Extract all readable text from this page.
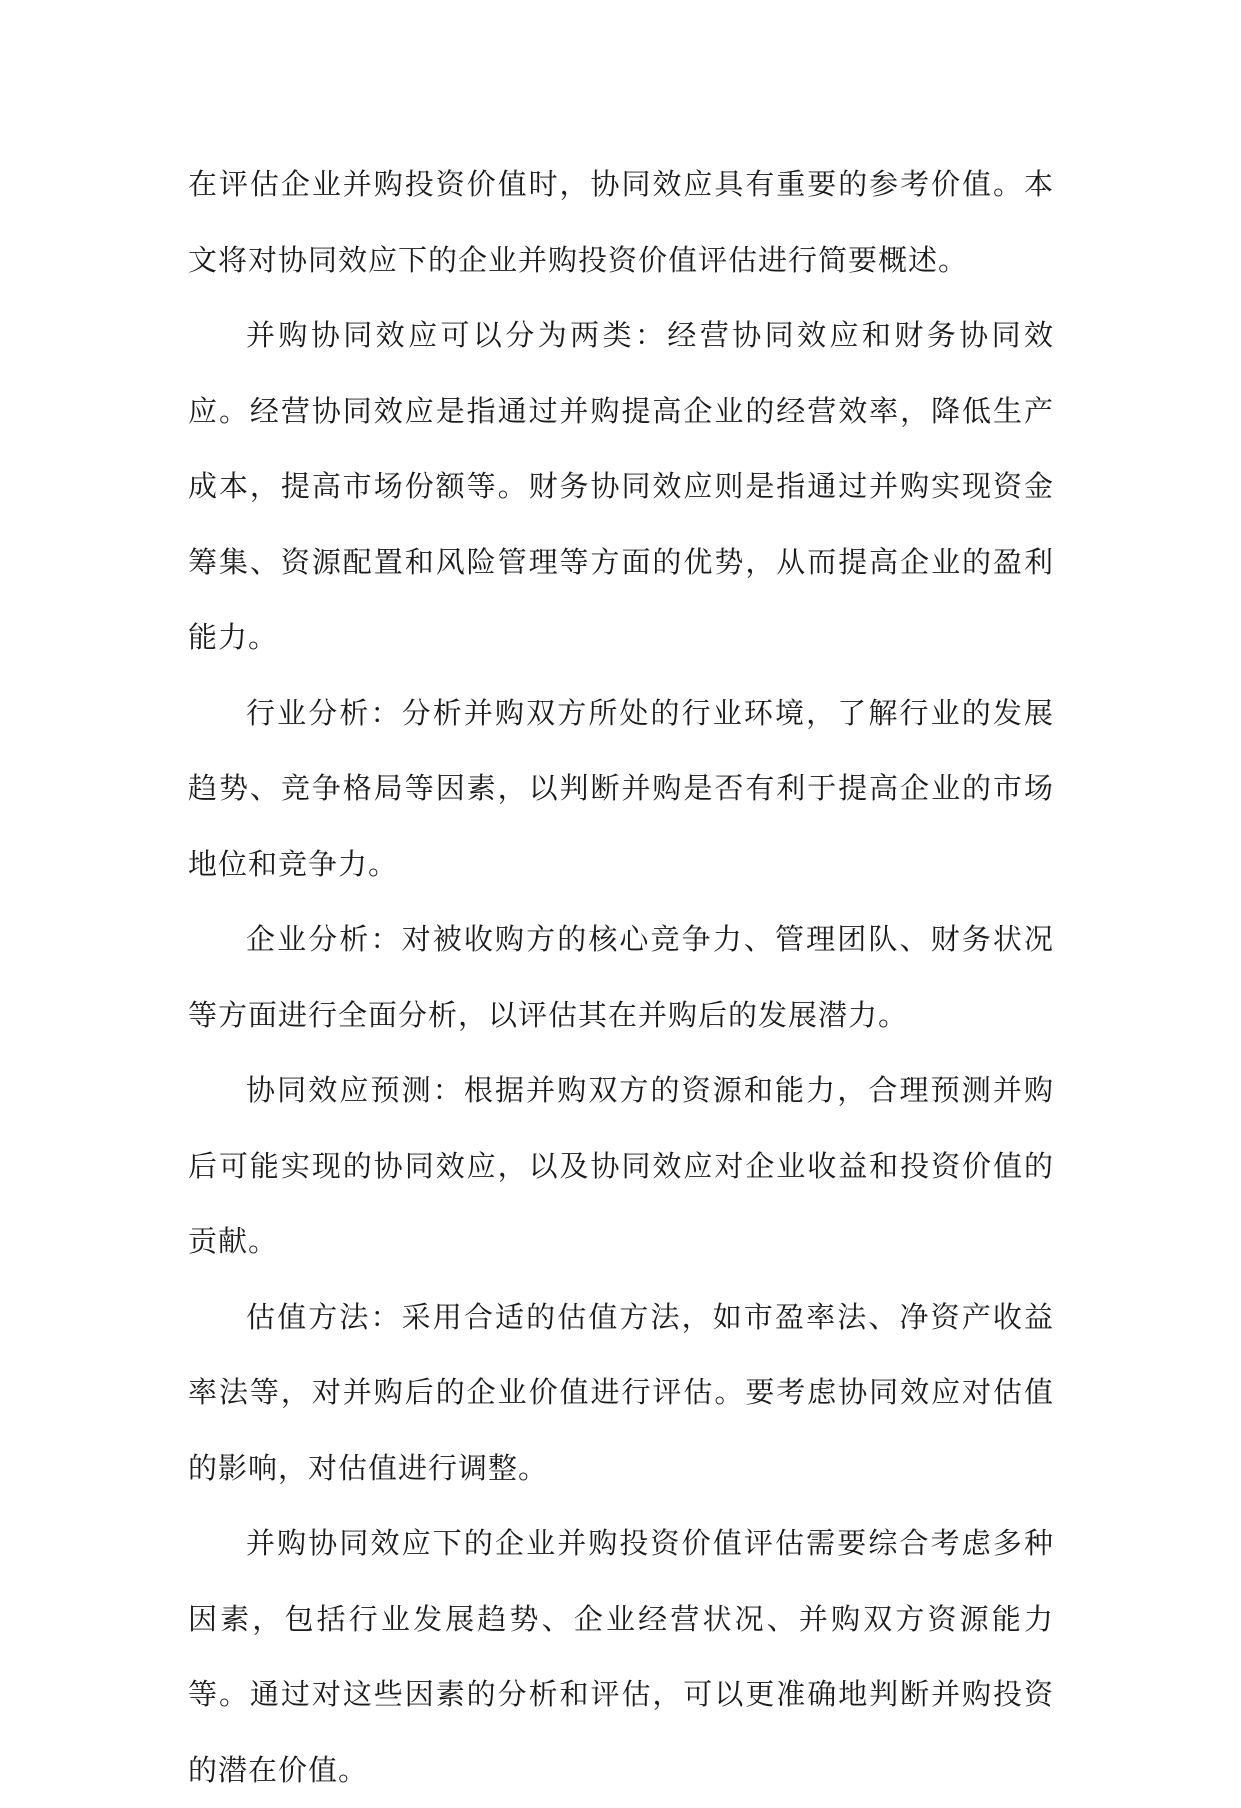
在评估企业并购投资价值时，协同效应具有重要的参考价值。本文将对协同效应下的企业并购投资价值评估进行简要概述。

并购协同效应可以分为两类：经营协同效应和财务协同效应。经营协同效应是指通过并购提高企业的经营效率，降低生产成本，提高市场份额等。财务协同效应则是指通过并购实现资金筹集、资源配置和风险管理等方面的优势，从而提高企业的盈利能力。

行业分析：分析并购双方所处的行业环境，了解行业的发展趋势、竞争格局等因素，以判断并购是否有利于提高企业的市场地位和竞争力。

企业分析：对被收购方的核心竞争力、管理团队、财务状况等方面进行全面分析，以评估其在并购后的发展潜力。

协同效应预测：根据并购双方的资源和能力，合理预测并购后可能实现的协同效应，以及协同效应对企业收益和投资价值的贡献。

估值方法：采用合适的估值方法，如市盈率法、净资产收益率法等，对并购后的企业价值进行评估。要考虑协同效应对估值的影响，对估值进行调整。

并购协同效应下的企业并购投资价值评估需要综合考虑多种因素，包括行业发展趋势、企业经营状况、并购双方资源能力等。通过对这些因素的分析和评估，可以更准确地判断并购投资的潜在价值。
